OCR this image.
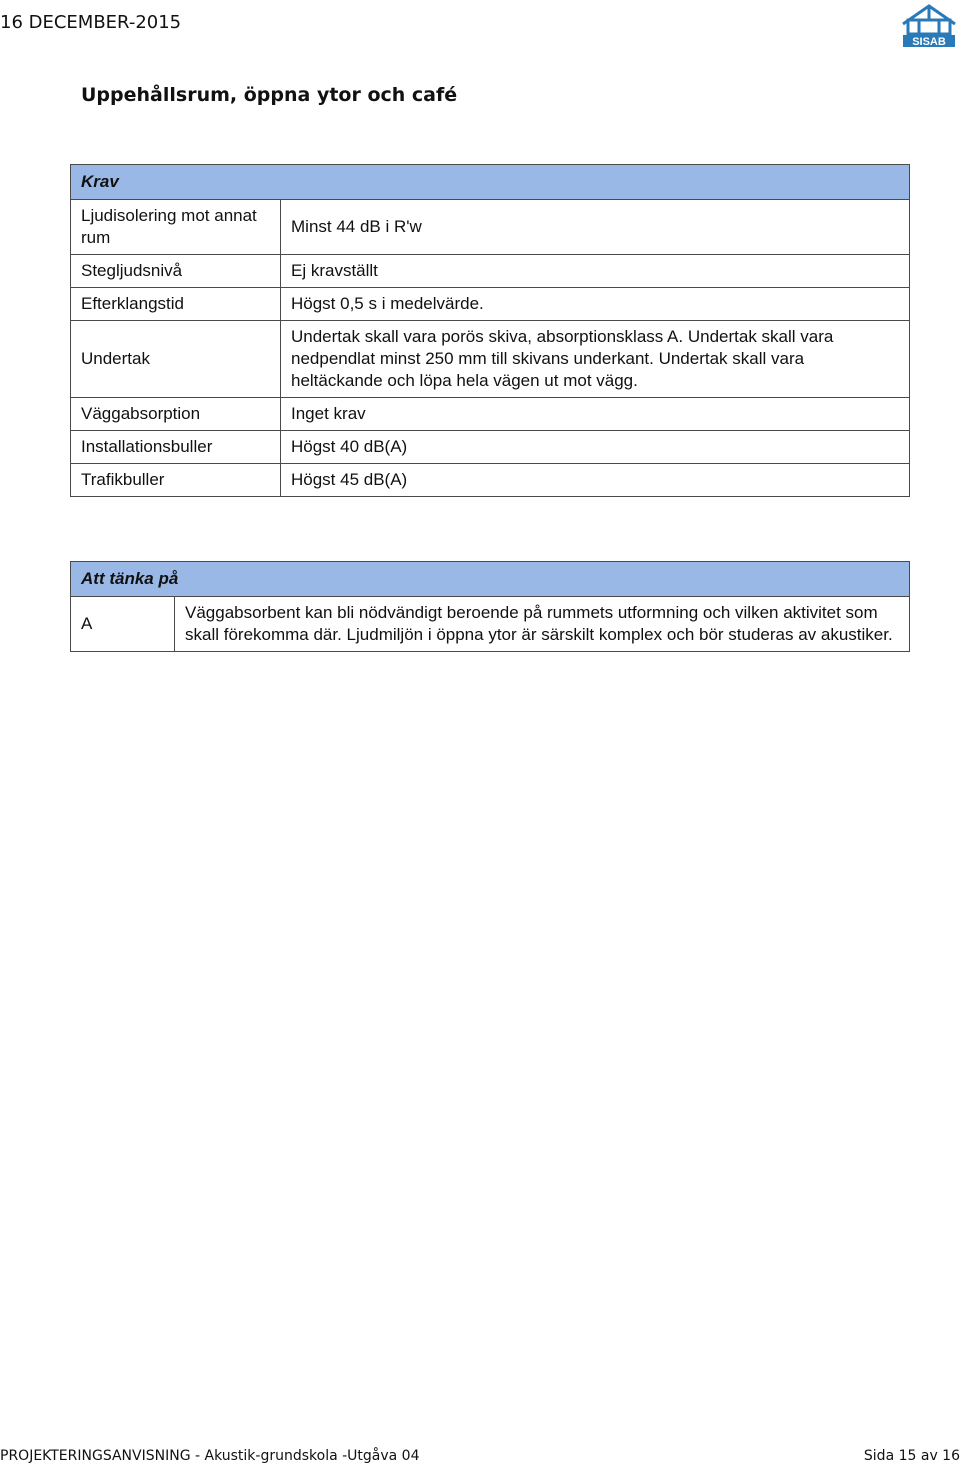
16 DECEMBER-2015
SISAB
Uppehållsrum, öppna ytor och café
Krav	
Ljudisolering mot annat rum	Minst 44 dB i R'w
Stegljudsnivå	Ej kravställt
Efterklangstid	Högst 0,5 s i medelvärde.
Undertak	Undertak skall vara porös skiva, absorptionsklass A. Undertak skall vara nedpendlat minst 250 mm till skivans underkant. Undertak skall vara heltäckande och löpa hela vägen ut mot vägg.
Väggabsorption	Inget krav
Installationsbuller	Högst 40 dB(A)
Trafikbuller	Högst 45 dB(A)
Att tänka på
A	Väggabsorbent kan bli nödvändigt beroende på rummets utformning och vilken aktivitet som skall förekomma där. Ljudmiljön i öppna ytor är särskilt komplex och bör studeras av akustiker.
PROJEKTERINGSANVISNING - Akustik-grundskola -Utgåva 04	Sida 15 av 16
